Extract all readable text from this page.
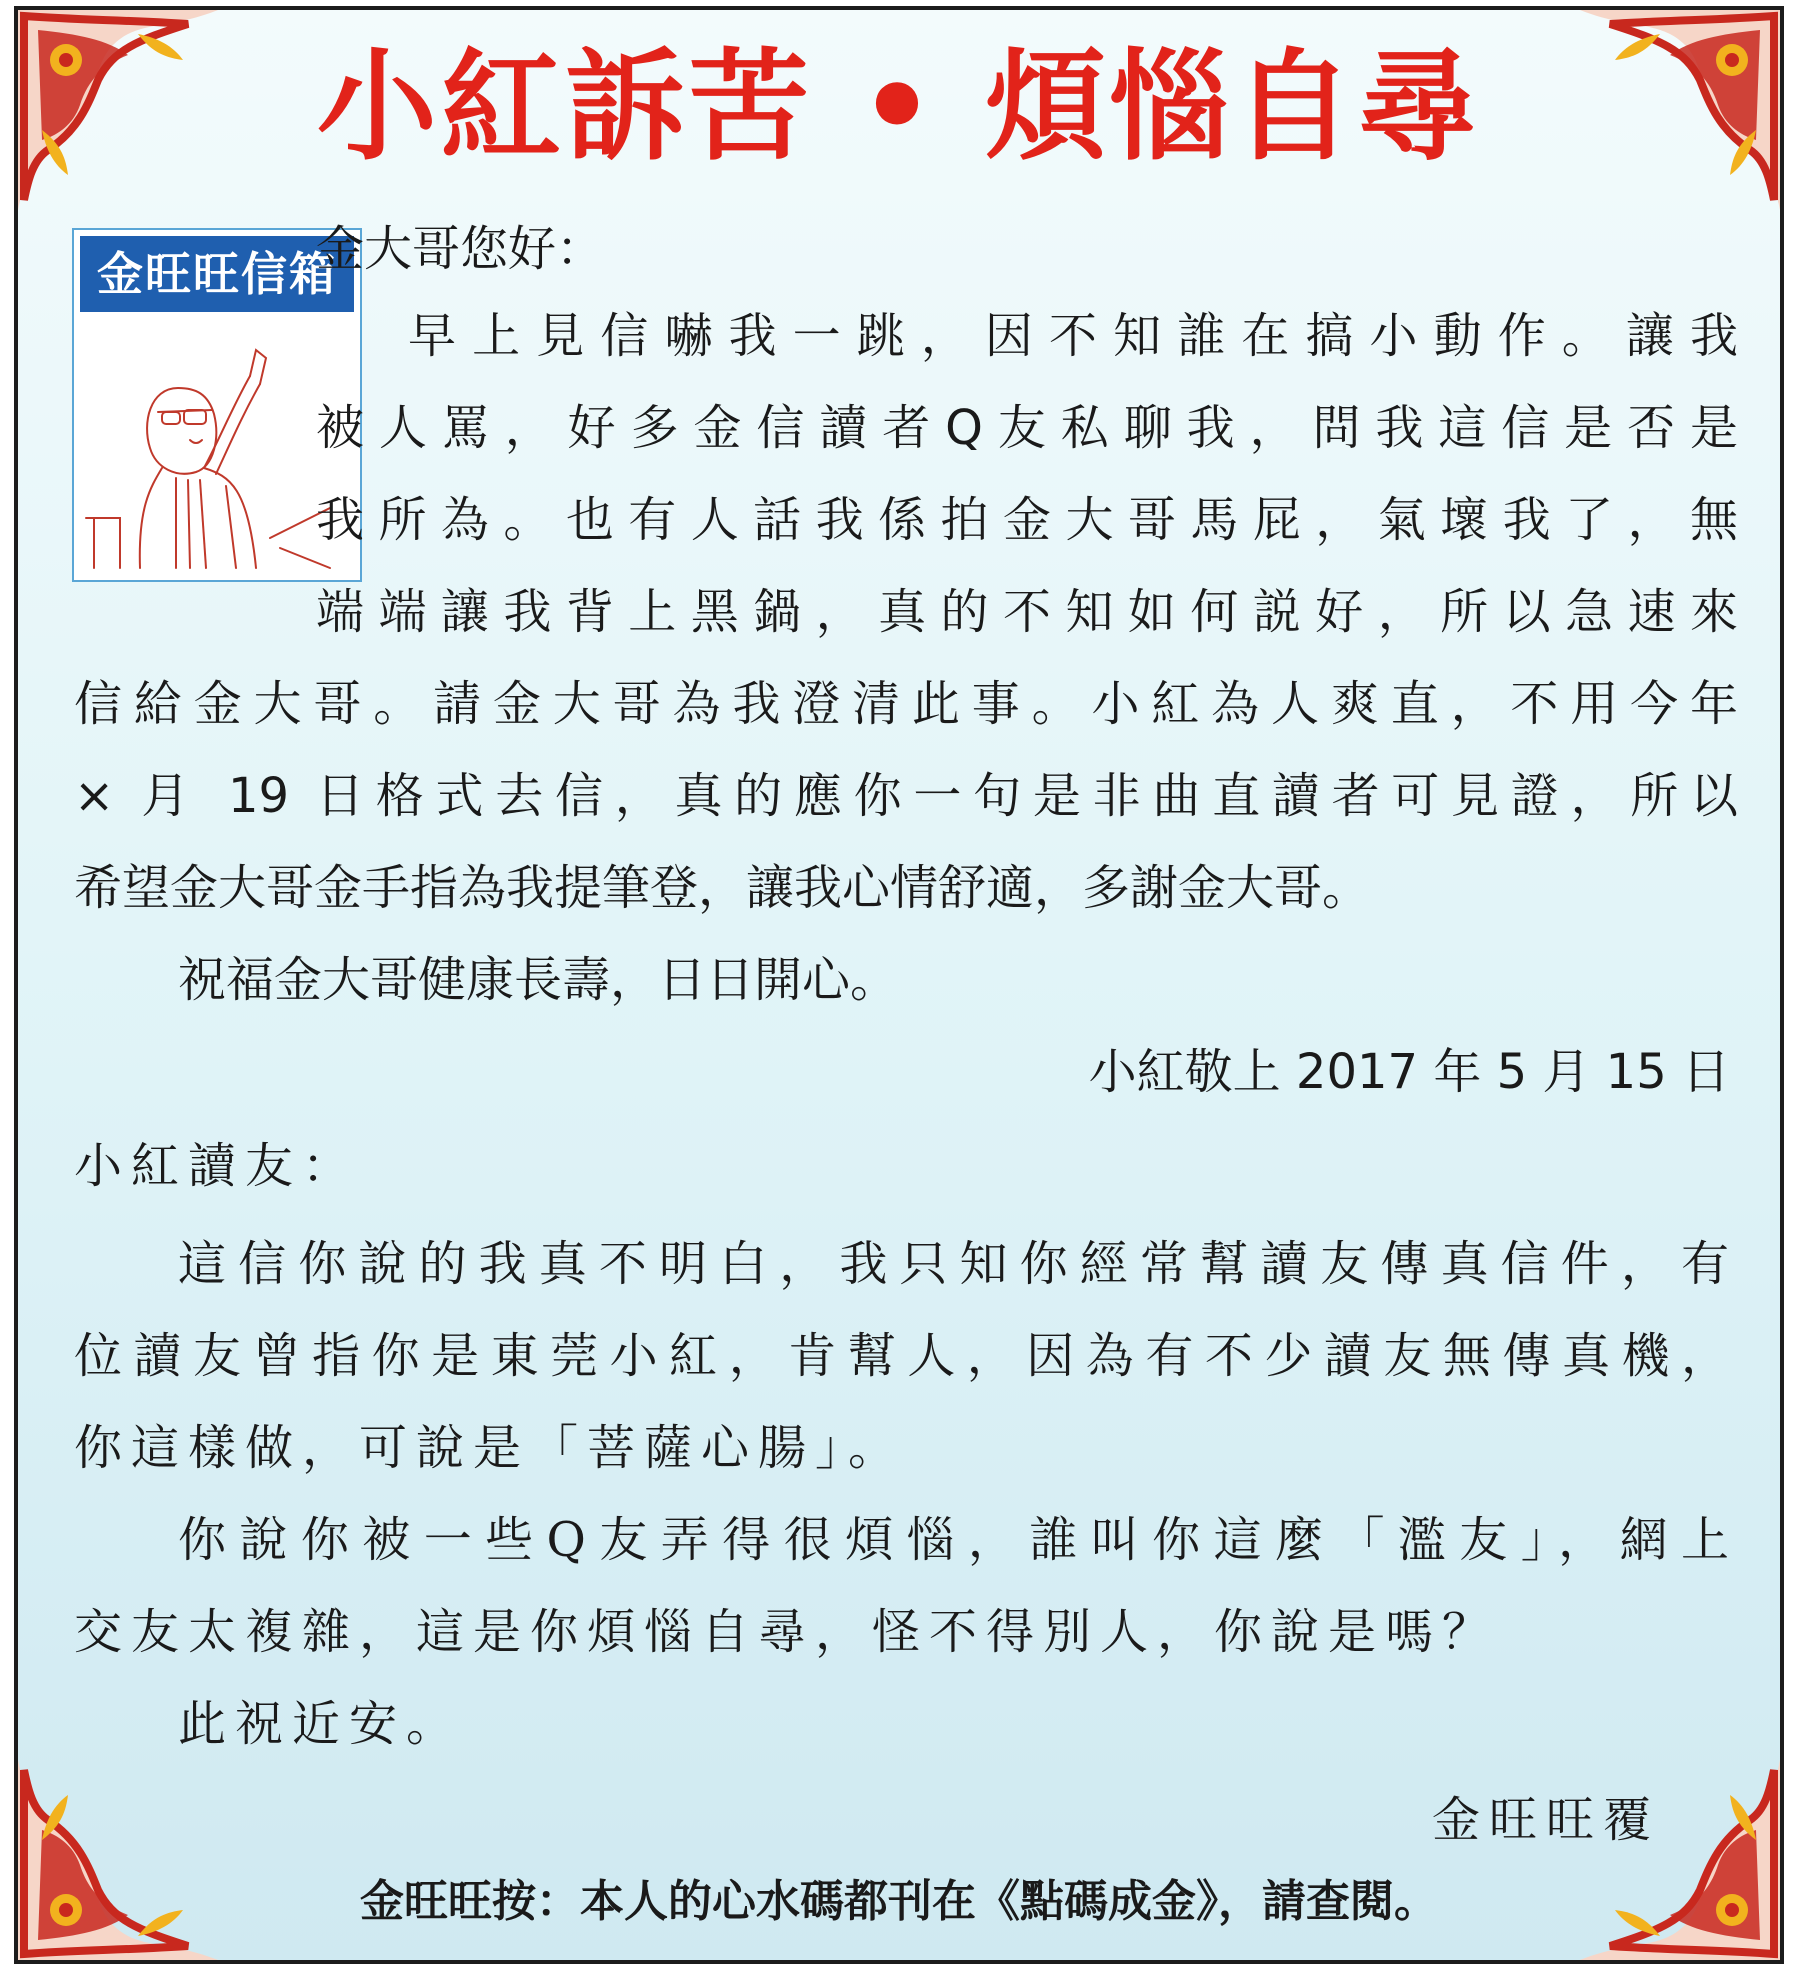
小紅訴苦 • 煩惱自尋
金旺旺信箱
金大哥您好：
早上見信嚇我一跳，因不知誰在搞小動作。讓我
被人罵，好多金信讀者Q友私聊我，問我這信是否是
我所為。也有人話我係拍金大哥馬屁，氣壞我了，無
端端讓我背上黑鍋，真的不知如何説好，所以急速來
信給金大哥。請金大哥為我澄清此事。小紅為人爽直，不用今年
× 月 19 日格式去信，真的應你一句是非曲直讀者可見證，所以
希望金大哥金手指為我提筆登，讓我心情舒適，多謝金大哥。
祝福金大哥健康長壽，日日開心。
小紅敬上 2017 年 5 月 15 日
小紅讀友：
這信你說的我真不明白，我只知你經常幫讀友傳真信件，有
位讀友曾指你是東莞小紅，肯幫人，因為有不少讀友無傳真機，
你這樣做，可說是「菩薩心腸」。
你說你被一些Q友弄得很煩惱，誰叫你這麼「濫友」，網上
交友太複雜，這是你煩惱自尋，怪不得別人，你說是嗎？
此祝近安。
金旺旺覆
金旺旺按：本人的心水碼都刊在《點碼成金》，請查閱。
